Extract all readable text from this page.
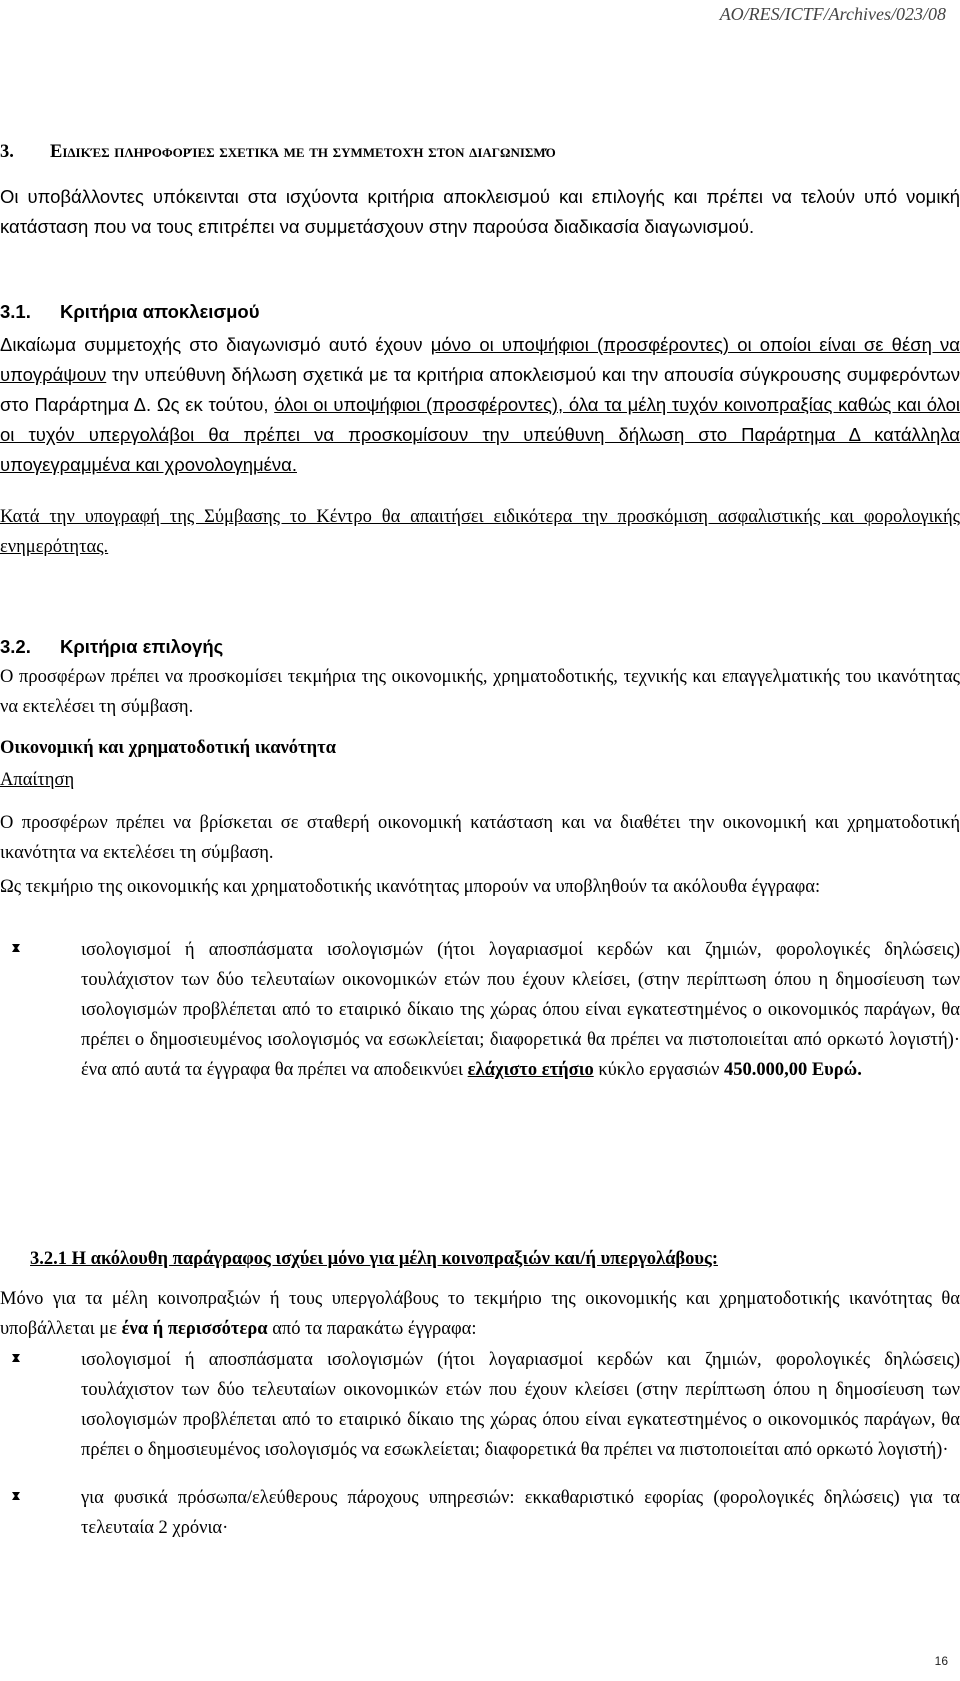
AO/RES/ICTF/Archives/023/08
3. Ειδικές πληροφορίες σχετικά με τη συμμετοχή στον διαγωνισμό
Οι υποβάλλοντες υπόκεινται στα ισχύοντα κριτήρια αποκλεισμού και επιλογής και πρέπει να τελούν υπό νομική κατάσταση που να τους επιτρέπει να συμμετάσχουν στην παρούσα διαδικασία διαγωνισμού.
3.1. Κριτήρια αποκλεισμού
Δικαίωμα συμμετοχής στο διαγωνισμό αυτό έχουν μόνο οι υποψήφιοι (προσφέροντες) οι οποίοι είναι σε θέση να υπογράψουν την υπεύθυνη δήλωση σχετικά με τα κριτήρια αποκλεισμού και την απουσία σύγκρουσης συμφερόντων στο Παράρτημα Δ. Ως εκ τούτου, όλοι οι υποψήφιοι (προσφέροντες), όλα τα μέλη τυχόν κοινοπραξίας καθώς και όλοι οι τυχόν υπεργολάβοι θα πρέπει να προσκομίσουν την υπεύθυνη δήλωση στο Παράρτημα Δ κατάλληλα υπογεγραμμένα και χρονολογημένα.
Κατά την υπογραφή της Σύμβασης το Κέντρο θα απαιτήσει ειδικότερα την προσκόμιση ασφαλιστικής και φορολογικής ενημερότητας.
3.2. Κριτήρια επιλογής
Ο προσφέρων πρέπει να προσκομίσει τεκμήρια της οικονομικής, χρηματοδοτικής, τεχνικής και επαγγελματικής του ικανότητας να εκτελέσει τη σύμβαση.
Οικονομική και χρηματοδοτική ικανότητα
Απαίτηση
Ο προσφέρων πρέπει να βρίσκεται σε σταθερή οικονομική κατάσταση και να διαθέτει την οικονομική και χρηματοδοτική ικανότητα να εκτελέσει τη σύμβαση.
Ως τεκμήριο της οικονομικής και χρηματοδοτικής ικανότητας μπορούν να υποβληθούν τα ακόλουθα έγγραφα:
ισολογισμοί ή αποσπάσματα ισολογισμών (ήτοι λογαριασμοί κερδών και ζημιών, φορολογικές δηλώσεις) τουλάχιστον των δύο τελευταίων οικονομικών ετών που έχουν κλείσει, (στην περίπτωση όπου η δημοσίευση των ισολογισμών προβλέπεται από το εταιρικό δίκαιο της χώρας όπου είναι εγκατεστημένος ο οικονομικός παράγων, θα πρέπει ο δημοσιευμένος ισολογισμός να εσωκλείεται; διαφορετικά θα πρέπει να πιστοποιείται από ορκωτό λογιστή)· ένα από αυτά τα έγγραφα θα πρέπει να αποδεικνύει ελάχιστο ετήσιο κύκλο εργασιών 450.000,00 Ευρώ.
3.2.1 Η ακόλουθη παράγραφος ισχύει μόνο για μέλη κοινοπραξιών και/ή υπεργολάβους:
Μόνο για τα μέλη κοινοπραξιών ή τους υπεργολάβους το τεκμήριο της οικονομικής και χρηματοδοτικής ικανότητας θα υποβάλλεται με ένα ή περισσότερα από τα παρακάτω έγγραφα:
ισολογισμοί ή αποσπάσματα ισολογισμών (ήτοι λογαριασμοί κερδών και ζημιών, φορολογικές δηλώσεις) τουλάχιστον των δύο τελευταίων οικονομικών ετών που έχουν κλείσει (στην περίπτωση όπου η δημοσίευση των ισολογισμών προβλέπεται από το εταιρικό δίκαιο της χώρας όπου είναι εγκατεστημένος ο οικονομικός παράγων, θα πρέπει ο δημοσιευμένος ισολογισμός να εσωκλείεται; διαφορετικά θα πρέπει να πιστοποιείται από ορκωτό λογιστή)·
για φυσικά πρόσωπα/ελεύθερους πάροχους υπηρεσιών: εκκαθαριστικό εφορίας (φορολογικές δηλώσεις) για τα τελευταία 2 χρόνια·
16
